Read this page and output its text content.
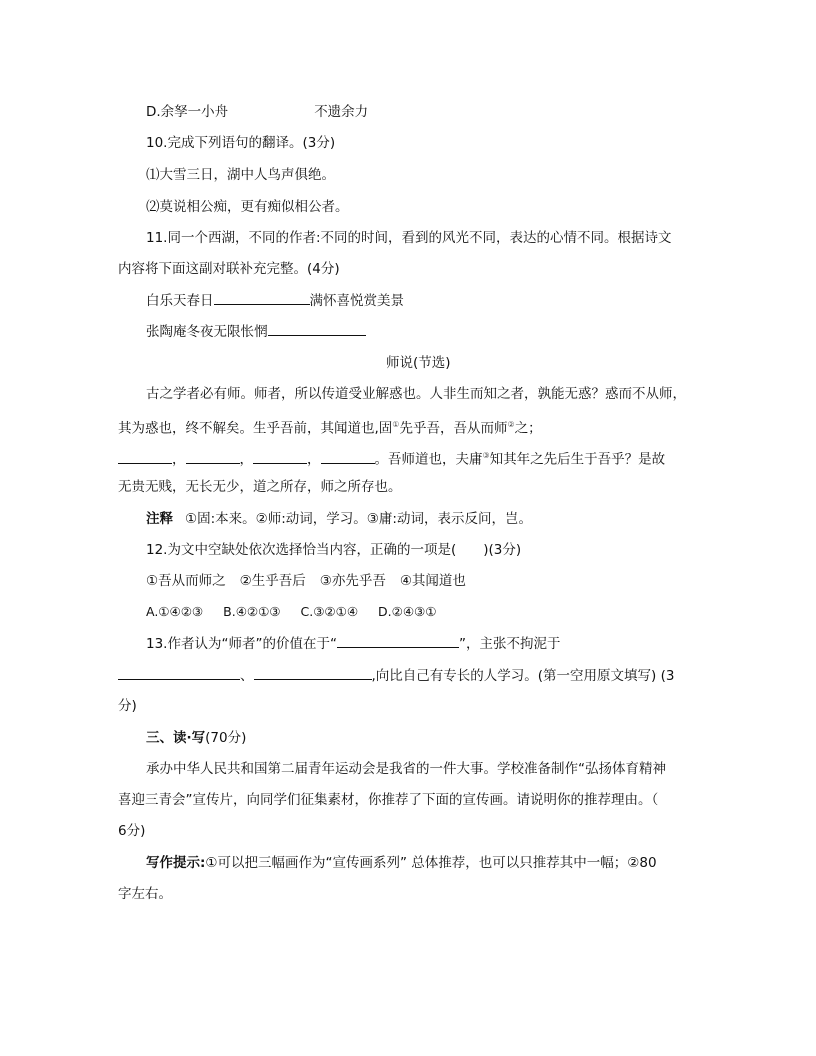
D.余孥一小舟	不遗余力
10.完成下列语句的翻译。(3分)
⑴大雪三日，湖中人鸟声俱绝。
⑵莫说相公痴，更有痴似相公者。
11.同一个西湖，不同的作者:不同的时间，看到的风光不同，表达的心情不同。根据诗文
内容将下面这副对联补充完整。(4分)
白乐天春日	满怀喜悦赏美景
张陶庵冬夜无限怅惘
师说(节选)
古之学者必有师。师者，所以传道受业解惑也。人非生而知之者，孰能无惑？惑而不从师，
其为惑也，终不解矣。生乎吾前，其闻道也,固①先乎吾，吾从而师②之；
，	，	，	。吾师道也，夫庸③知其年之先后生于吾乎？是故
无贵无贱，无长无少，道之所存，师之所存也。
注释 ①固:本来。②师:动词，学习。③庸:动词，表示反问，岂。
12.为文中空缺处依次选择恰当内容，正确的一项是(　　)(3分)
①吾从而师之 ②生乎吾后 ③亦先乎吾 ④其闻道也
A.①④②③ B.④②①③ C.③②①④ D.②④③①
13.作者认为“师者”的价值在于“	”，主张不拘泥于
、	,向比自己有专长的人学习。(第一空用原文填写) (3
分)
三、读·写(70分)
承办中华人民共和国第二届青年运动会是我省的一件大事。学校准备制作“弘扬体育精神
喜迎三青会”宣传片，向同学们征集素材，你推荐了下面的宣传画。请说明你的推荐理由。（
6分)
写作提示:①可以把三幅画作为“宣传画系列” 总体推荐，也可以只推荐其中一幅；②80
字左右。
